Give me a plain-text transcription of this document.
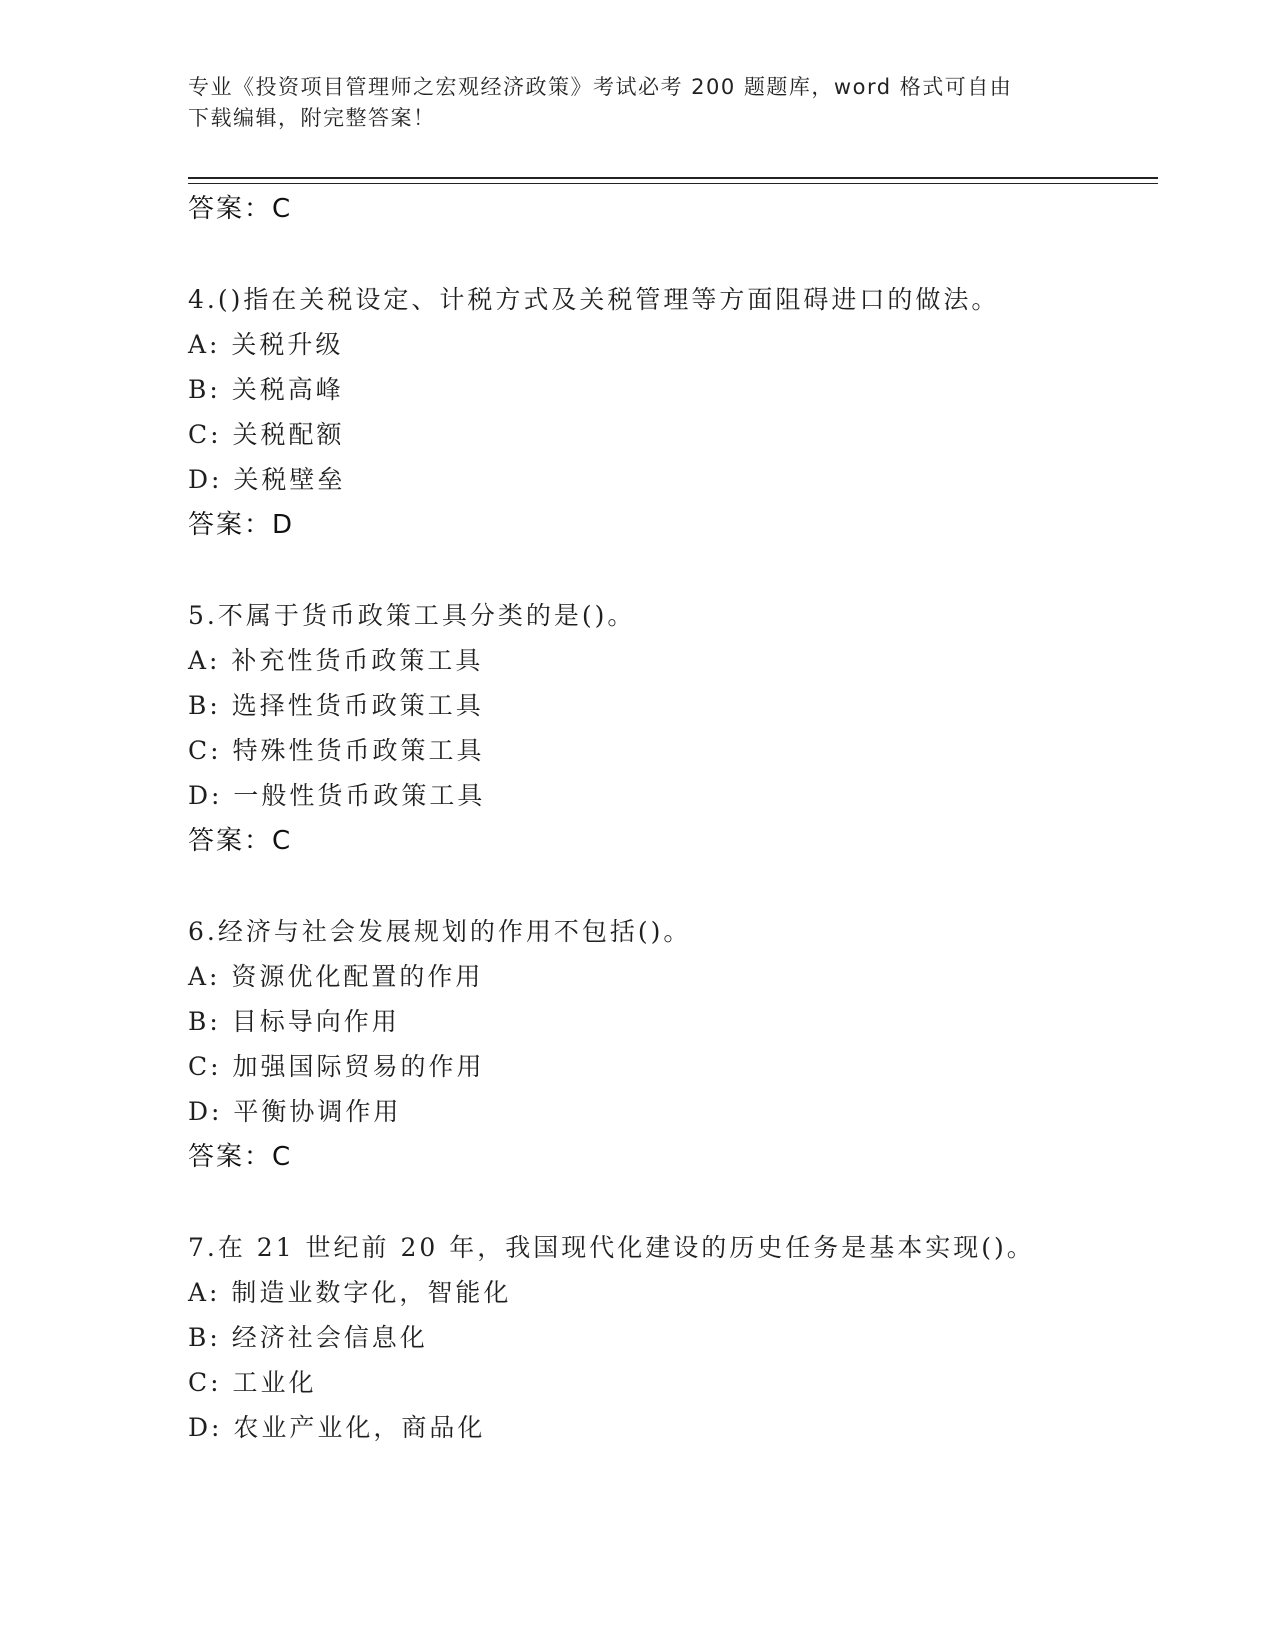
专业《投资项目管理师之宏观经济政策》考试必考 200 题题库，word 格式可自由
下载编辑，附完整答案！
答案：C
4.()指在关税设定、计税方式及关税管理等方面阻碍进口的做法。
A: 关税升级
B: 关税高峰
C: 关税配额
D: 关税壁垒
答案：D
5.不属于货币政策工具分类的是()。
A: 补充性货币政策工具
B: 选择性货币政策工具
C: 特殊性货币政策工具
D: 一般性货币政策工具
答案：C
6.经济与社会发展规划的作用不包括()。
A: 资源优化配置的作用
B: 目标导向作用
C: 加强国际贸易的作用
D: 平衡协调作用
答案：C
7.在 21 世纪前 20 年，我国现代化建设的历史任务是基本实现()。
A: 制造业数字化，智能化
B: 经济社会信息化
C: 工业化
D: 农业产业化，商品化
